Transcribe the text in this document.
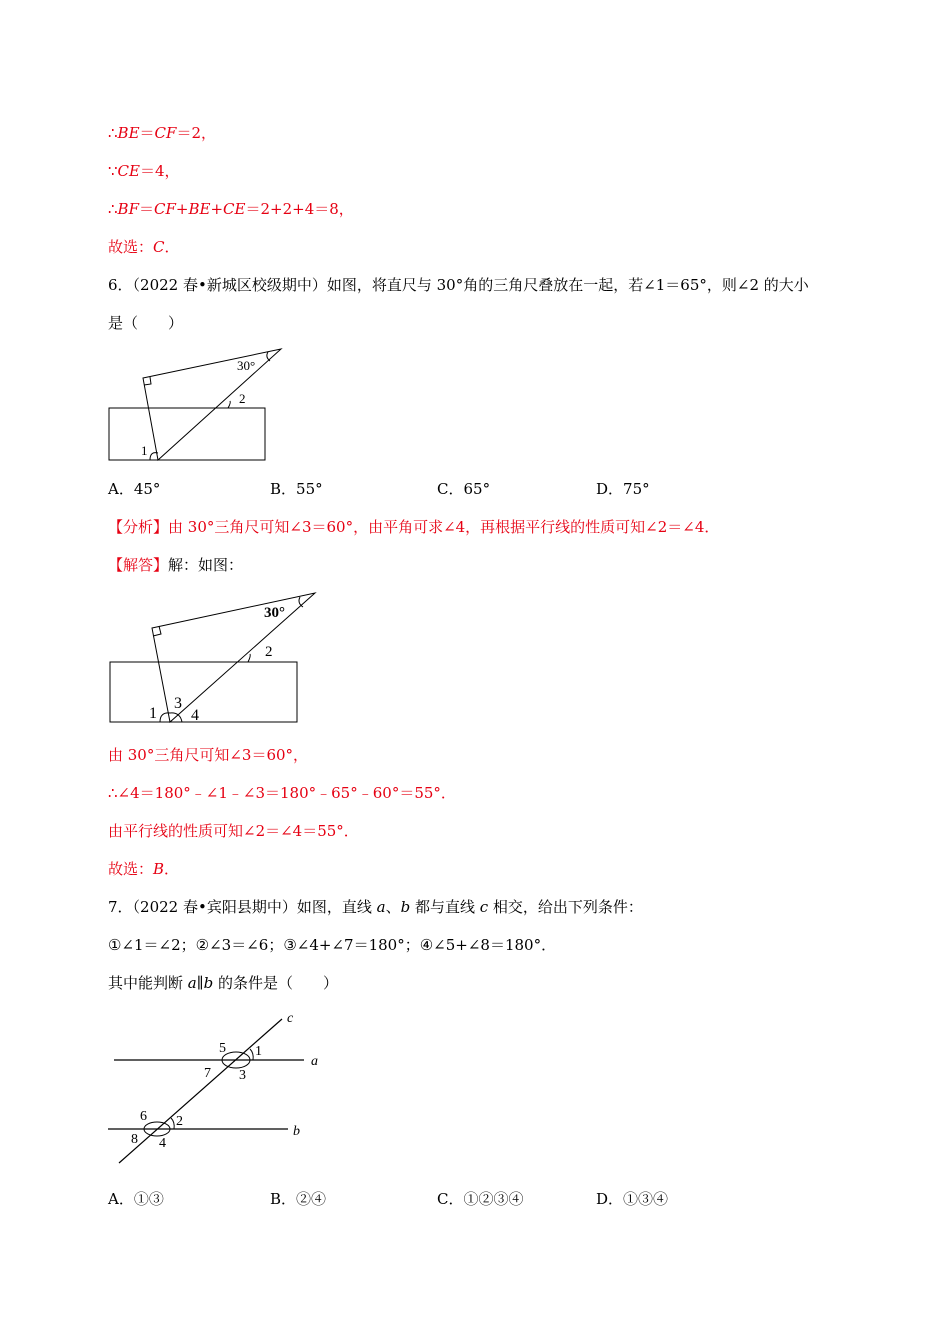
∴BE＝CF＝2，
∵CE＝4，
∴BF＝CF+BE+CE＝2+2+4＝8，
故选：C．
6．（2022 春•新城区校级期中）如图，将直尺与 30°角的三角尺叠放在一起，若∠1＝65°，则∠2 的大小
是（　　）
30°
2
1
A．45°	B．55°	C．65°	D．75°
【分析】由 30°三角尺可知∠3＝60°，由平角可求∠4，再根据平行线的性质可知∠2＝∠4．
【解答】解：如图：
30°
2
1
3
4
由 30°三角尺可知∠3＝60°，
∴∠4＝180°﹣∠1﹣∠3＝180°﹣65°﹣60°＝55°．
由平行线的性质可知∠2＝∠4＝55°．
故选：B．
7．（2022 春•宾阳县期中）如图，直线 a、b 都与直线 c 相交，给出下列条件：
①∠1＝∠2；②∠3＝∠6；③∠4+∠7＝180°；④∠5+∠8＝180°．
其中能判断 a∥b 的条件是（　　）
c
a
b
5 1
7 3
6 2
8 4
A．①③	B．②④	C．①②③④	D．①③④
